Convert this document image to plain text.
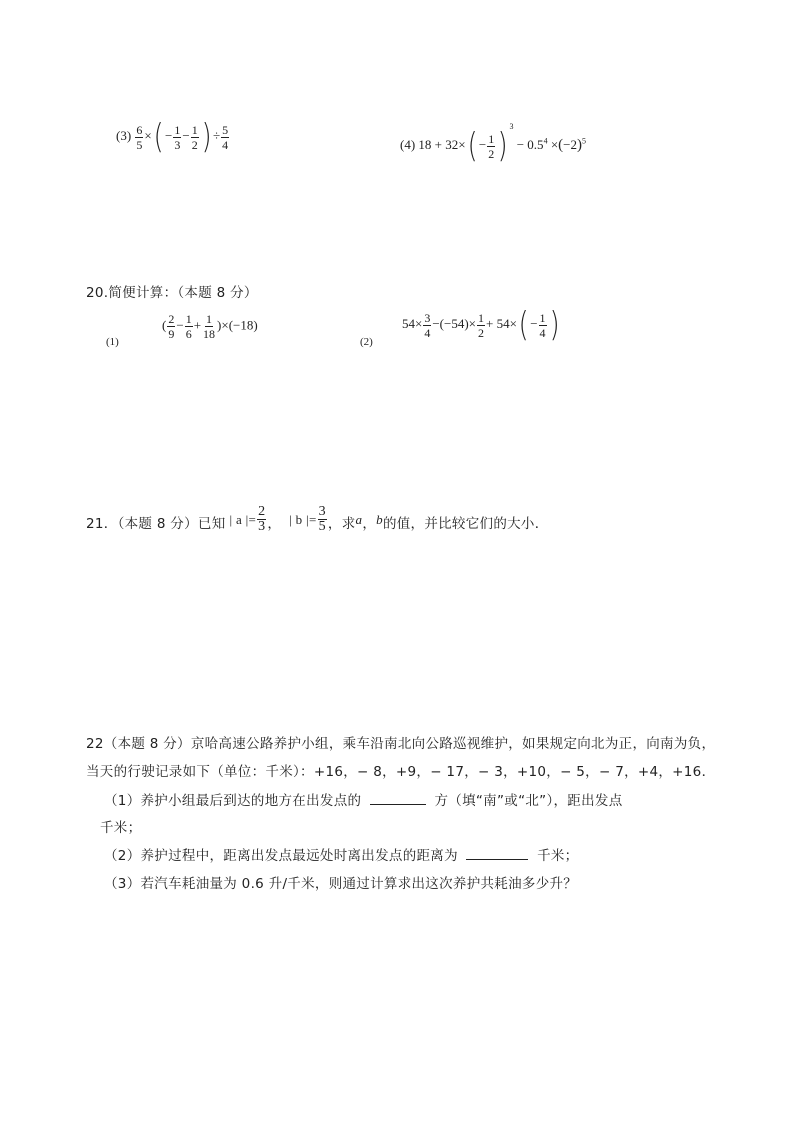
$(3) \frac{6}{5}$ ×( − $\frac{1}{3} - \frac{1}{2}$ ) ÷ $\frac{5}{4}$	(4) $18 + 32\times( - \frac{1}{2}$ ) $^3 - 0.5^4 \times(-2)^5$
20.简便计算：（本题 8 分）
(1)
( $\frac{2}{9} - \frac{1}{6} + \frac{1}{18} )\times(-18)$
(2)
$54\times \frac{3}{4} -(-54)\times \frac{1}{2} + 54\times( - \frac{1}{4}$ )
21．（本题 8 分）已知 | a |= $\frac{2}{3}$ ， | b |= $\frac{3}{5}$ ，求 a ， b 的值，并比较它们的大小．
22（本题 8 分）京哈高速公路养护小组，乘车沿南北向公路巡视维护，如果规定向北为正，向南为负，
当天的行驶记录如下（单位：千米）：+16，− 8，+9，− 17，− 3，+10，− 5，− 7，+4，+16．
（1）养护小组最后到达的地方在出发点的	方（填“南”或“北”），距出发点
千米；
（2）养护过程中，距离出发点最远处时离出发点的距离为	千米；
（3）若汽车耗油量为 0.6 升/千米，则通过计算求出这次养护共耗油多少升？
